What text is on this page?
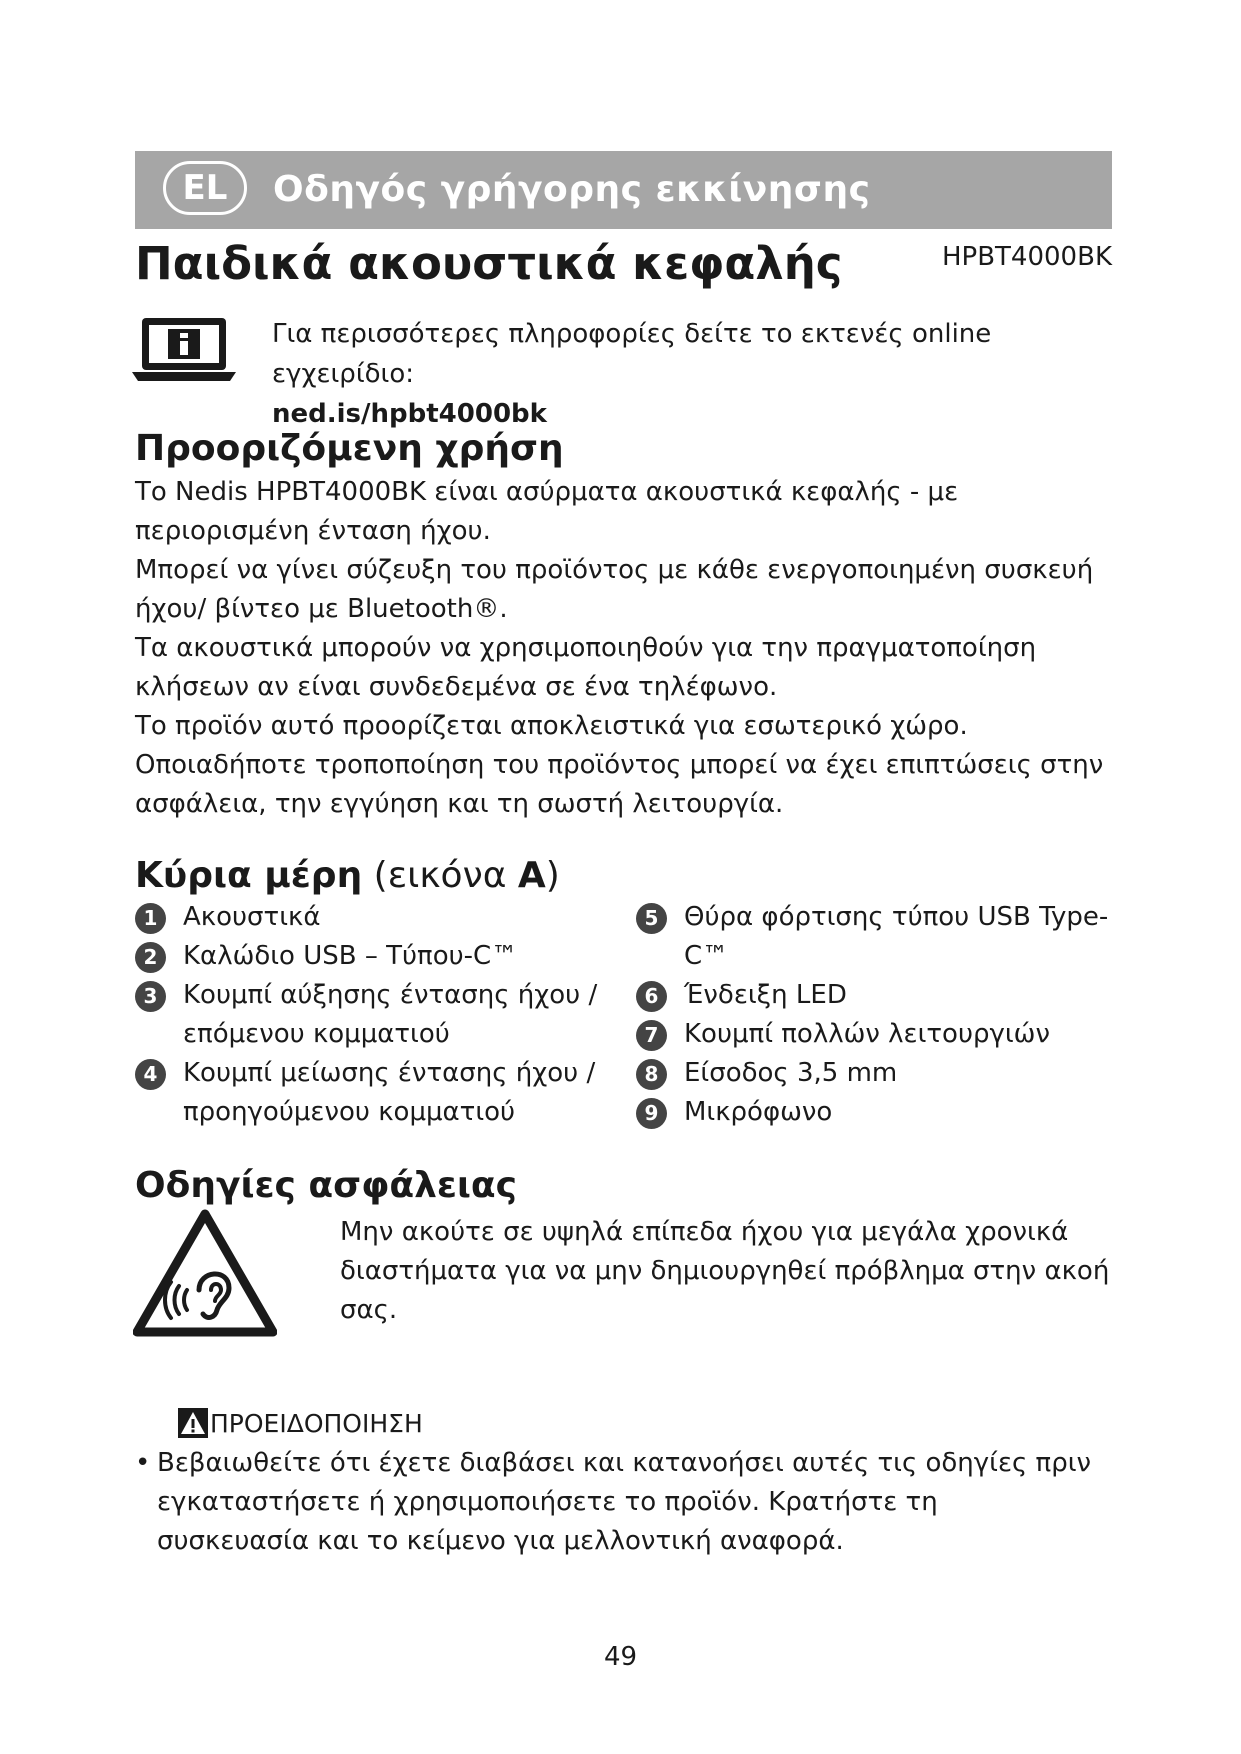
EL	Οδηγός γρήγορης εκκίνησης
Παιδικά ακουστικά κεφαλής	HPBT4000BK
Για περισσότερες πληροφορίες δείτε το εκτενές online εγχειρίδιο:
ned.is/hpbt4000bk
Προοριζόμενη χρήση

Το Nedis HPBT4000BK είναι ασύρματα ακουστικά κεφαλής - με περιορισμένη ένταση ήχου.

Μπορεί να γίνει σύζευξη του προϊόντος με κάθε ενεργοποιημένη συσκευή ήχου/ βίντεο με Bluetooth®.

Τα ακουστικά μπορούν να χρησιμοποιηθούν για την πραγματοποίηση κλήσεων αν είναι συνδεδεμένα σε ένα τηλέφωνο.

Το προϊόν αυτό προορίζεται αποκλειστικά για εσωτερικό χώρο.

Οποιαδήποτε τροποποίηση του προϊόντος μπορεί να έχει επιπτώσεις στην ασφάλεια, την εγγύηση και τη σωστή λειτουργία.

Κύρια μέρη (εικόνα A)
1 Ακουστικά
2 Καλώδιο USB – Τύπου-C™
3 Κουμπί αύξησης έντασης ήχου / επόμενου κομματιού
4 Κουμπί μείωσης έντασης ήχου / προηγούμενου κομματιού
5 Θύρα φόρτισης τύπου USB Type-C™
6 Ένδειξη LED
7 Κουμπί πολλών λειτουργιών
8 Είσοδος 3,5 mm
9 Μικρόφωνο
Οδηγίες ασφάλειας
Μην ακούτε σε υψηλά επίπεδα ήχου για μεγάλα χρονικά διαστήματα για να μην δημιουργηθεί πρόβλημα στην ακοή σας.
ΠΡΟΕΙΔΟΠΟΙΗΣΗ
• Βεβαιωθείτε ότι έχετε διαβάσει και κατανοήσει αυτές τις οδηγίες πριν εγκαταστήσετε ή χρησιμοποιήσετε το προϊόν. Κρατήστε τη συσκευασία και το κείμενο για μελλοντική αναφορά.
49
